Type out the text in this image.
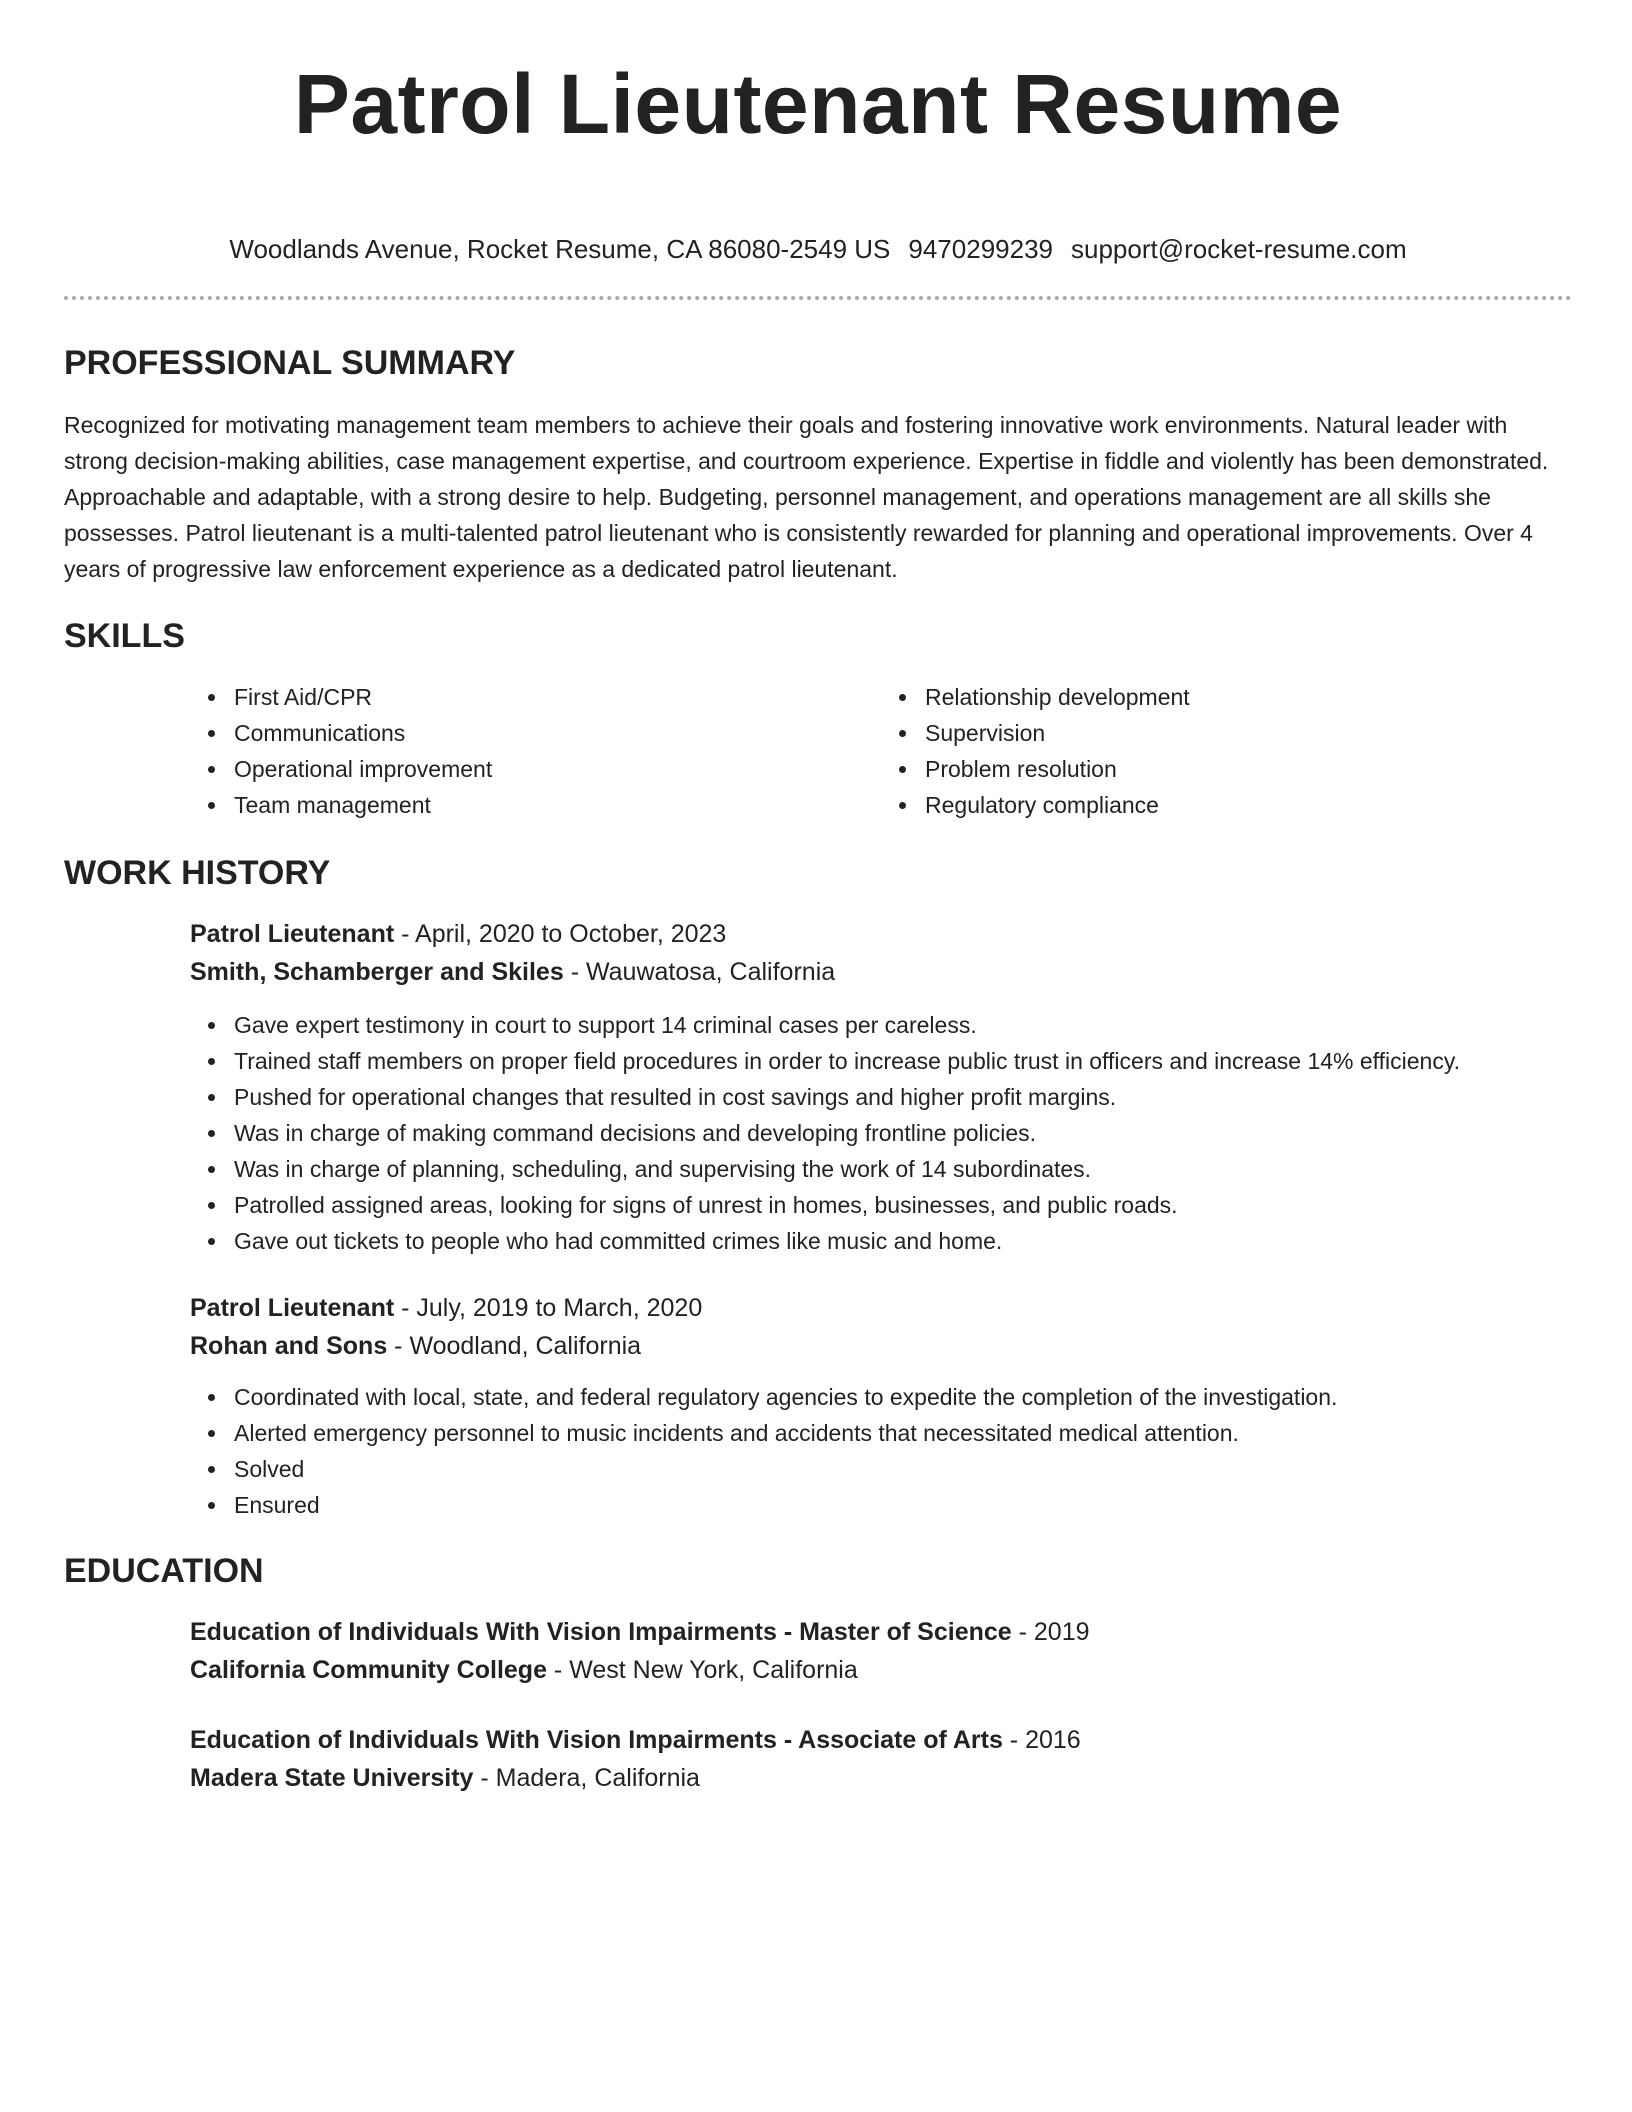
Patrol Lieutenant Resume
Woodlands Avenue, Rocket Resume, CA 86080-2549 US 9470299239 support@rocket-resume.com
PROFESSIONAL SUMMARY

Recognized for motivating management team members to achieve their goals and fostering innovative work environments. Natural leader with strong decision-making abilities, case management expertise, and courtroom experience. Expertise in fiddle and violently has been demonstrated. Approachable and adaptable, with a strong desire to help. Budgeting, personnel management, and operations management are all skills she possesses. Patrol lieutenant is a multi-talented patrol lieutenant who is consistently rewarded for planning and operational improvements. Over 4 years of progressive law enforcement experience as a dedicated patrol lieutenant.

SKILLS
First Aid/CPR
Communications
Operational improvement
Team management
Relationship development
Supervision
Problem resolution
Regulatory compliance
WORK HISTORY
Patrol Lieutenant - April, 2020 to October, 2023
Smith, Schamberger and Skiles - Wauwatosa, California
Gave expert testimony in court to support 14 criminal cases per careless.
Trained staff members on proper field procedures in order to increase public trust in officers and increase 14% efficiency.
Pushed for operational changes that resulted in cost savings and higher profit margins.
Was in charge of making command decisions and developing frontline policies.
Was in charge of planning, scheduling, and supervising the work of 14 subordinates.
Patrolled assigned areas, looking for signs of unrest in homes, businesses, and public roads.
Gave out tickets to people who had committed crimes like music and home.
Patrol Lieutenant - July, 2019 to March, 2020
Rohan and Sons - Woodland, California
Coordinated with local, state, and federal regulatory agencies to expedite the completion of the investigation.
Alerted emergency personnel to music incidents and accidents that necessitated medical attention.
Solved
Ensured
EDUCATION
Education of Individuals With Vision Impairments - Master of Science - 2019
California Community College - West New York, California
Education of Individuals With Vision Impairments - Associate of Arts - 2016
Madera State University - Madera, California
